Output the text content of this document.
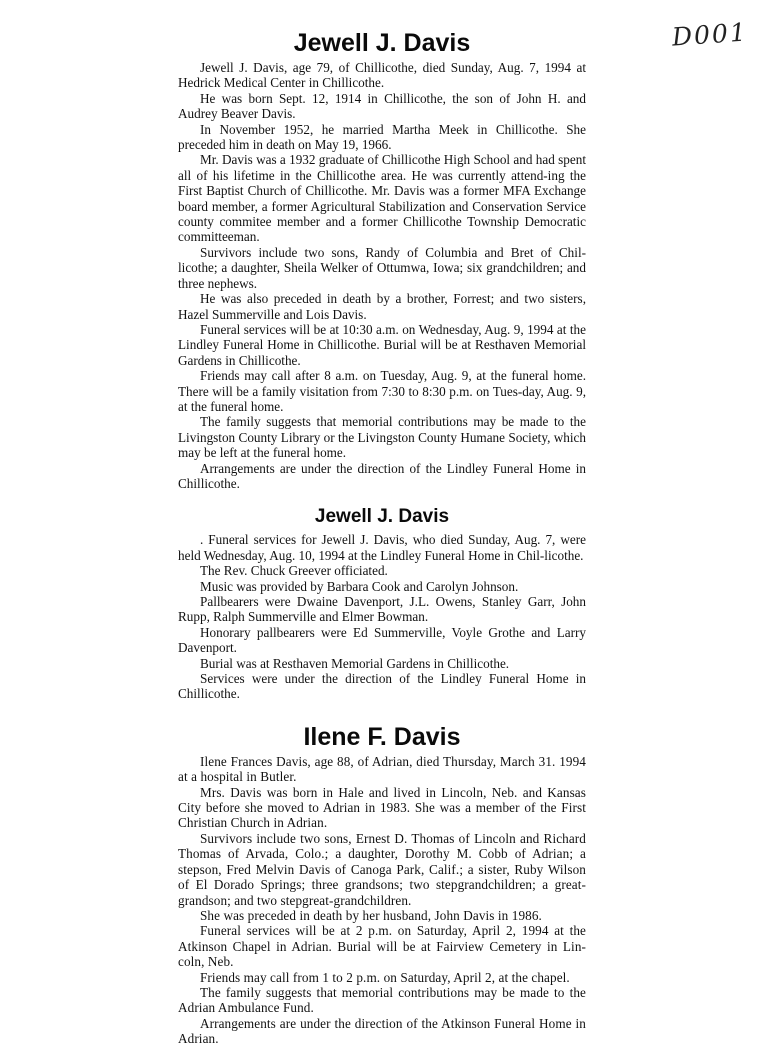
D001
Jewell J. Davis

Jewell J. Davis, age 79, of Chillicothe, died Sunday, Aug. 7, 1994 at Hedrick Medical Center in Chillicothe.

He was born Sept. 12, 1914 in Chillicothe, the son of John H. and Audrey Beaver Davis.

In November 1952, he married Martha Meek in Chillicothe. She preceded him in death on May 19, 1966.

Mr. Davis was a 1932 graduate of Chillicothe High School and had spent all of his lifetime in the Chillicothe area. He was currently attend-ing the First Baptist Church of Chillicothe. Mr. Davis was a former MFA Exchange board member, a former Agricultural Stabilization and Conservation Service county commitee member and a former Chillicothe Township Democratic committeeman.

Survivors include two sons, Randy of Columbia and Bret of Chil-licothe; a daughter, Sheila Welker of Ottumwa, Iowa; six grandchildren; and three nephews.

He was also preceded in death by a brother, Forrest; and two sisters, Hazel Summerville and Lois Davis.

Funeral services will be at 10:30 a.m. on Wednesday, Aug. 9, 1994 at the Lindley Funeral Home in Chillicothe. Burial will be at Resthaven Memorial Gardens in Chillicothe.

Friends may call after 8 a.m. on Tuesday, Aug. 9, at the funeral home. There will be a family visitation from 7:30 to 8:30 p.m. on Tues-day, Aug. 9, at the funeral home.

The family suggests that memorial contributions may be made to the Livingston County Library or the Livingston County Humane Society, which may be left at the funeral home.

Arrangements are under the direction of the Lindley Funeral Home in Chillicothe.

Jewell J. Davis

. Funeral services for Jewell J. Davis, who died Sunday, Aug. 7, were held Wednesday, Aug. 10, 1994 at the Lindley Funeral Home in Chil-licothe.

The Rev. Chuck Greever officiated.

Music was provided by Barbara Cook and Carolyn Johnson.

Pallbearers were Dwaine Davenport, J.L. Owens, Stanley Garr, John Rupp, Ralph Summerville and Elmer Bowman.

Honorary pallbearers were Ed Summerville, Voyle Grothe and Larry Davenport.

Burial was at Resthaven Memorial Gardens in Chillicothe.

Services were under the direction of the Lindley Funeral Home in Chillicothe.

Ilene F. Davis

Ilene Frances Davis, age 88, of Adrian, died Thursday, March 31. 1994 at a hospital in Butler.

Mrs. Davis was born in Hale and lived in Lincoln, Neb. and Kansas City before she moved to Adrian in 1983. She was a member of the First Christian Church in Adrian.

Survivors include two sons, Ernest D. Thomas of Lincoln and Richard Thomas of Arvada, Colo.; a daughter, Dorothy M. Cobb of Adrian; a stepson, Fred Melvin Davis of Canoga Park, Calif.; a sister, Ruby Wilson of El Dorado Springs; three grandsons; two stepgrandchildren; a great-grandson; and two stepgreat-grandchildren.

She was preceded in death by her husband, John Davis in 1986.

Funeral services will be at 2 p.m. on Saturday, April 2, 1994 at the Atkinson Chapel in Adrian. Burial will be at Fairview Cemetery in Lin-coln, Neb.

Friends may call from 1 to 2 p.m. on Saturday, April 2, at the chapel.

The family suggests that memorial contributions may be made to the Adrian Ambulance Fund.

Arrangements are under the direction of the Atkinson Funeral Home in Adrian.
